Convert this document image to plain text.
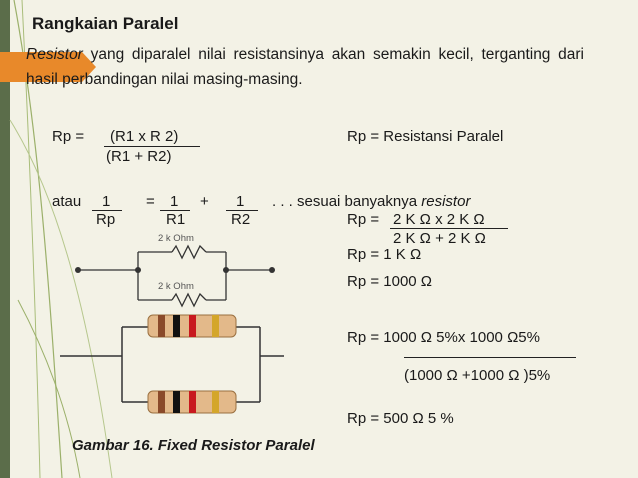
Rangkaian Paralel
Resistor yang diparalel nilai resistansinya akan semakin kecil, terganting dari hasil perbandingan nilai masing-masing.
Rp = (R1 x R 2)
(R1 + R2)
Rp = Resistansi Paralel
atau 1
Rp
= 1
R1
+ 1
R2
. . . sesuai banyaknya resistor
Rp = 2 K Ω x 2 K Ω
2 K Ω + 2 K Ω
Rp = 1 K Ω
Rp = 1000 Ω
Rp = 1000 Ω 5%x 1000 Ω5%
(1000 Ω +1000 Ω )5%
Rp = 500 Ω 5 %
2 k Ohm
2 k Ohm
Gambar 16. Fixed Resistor Paralel
